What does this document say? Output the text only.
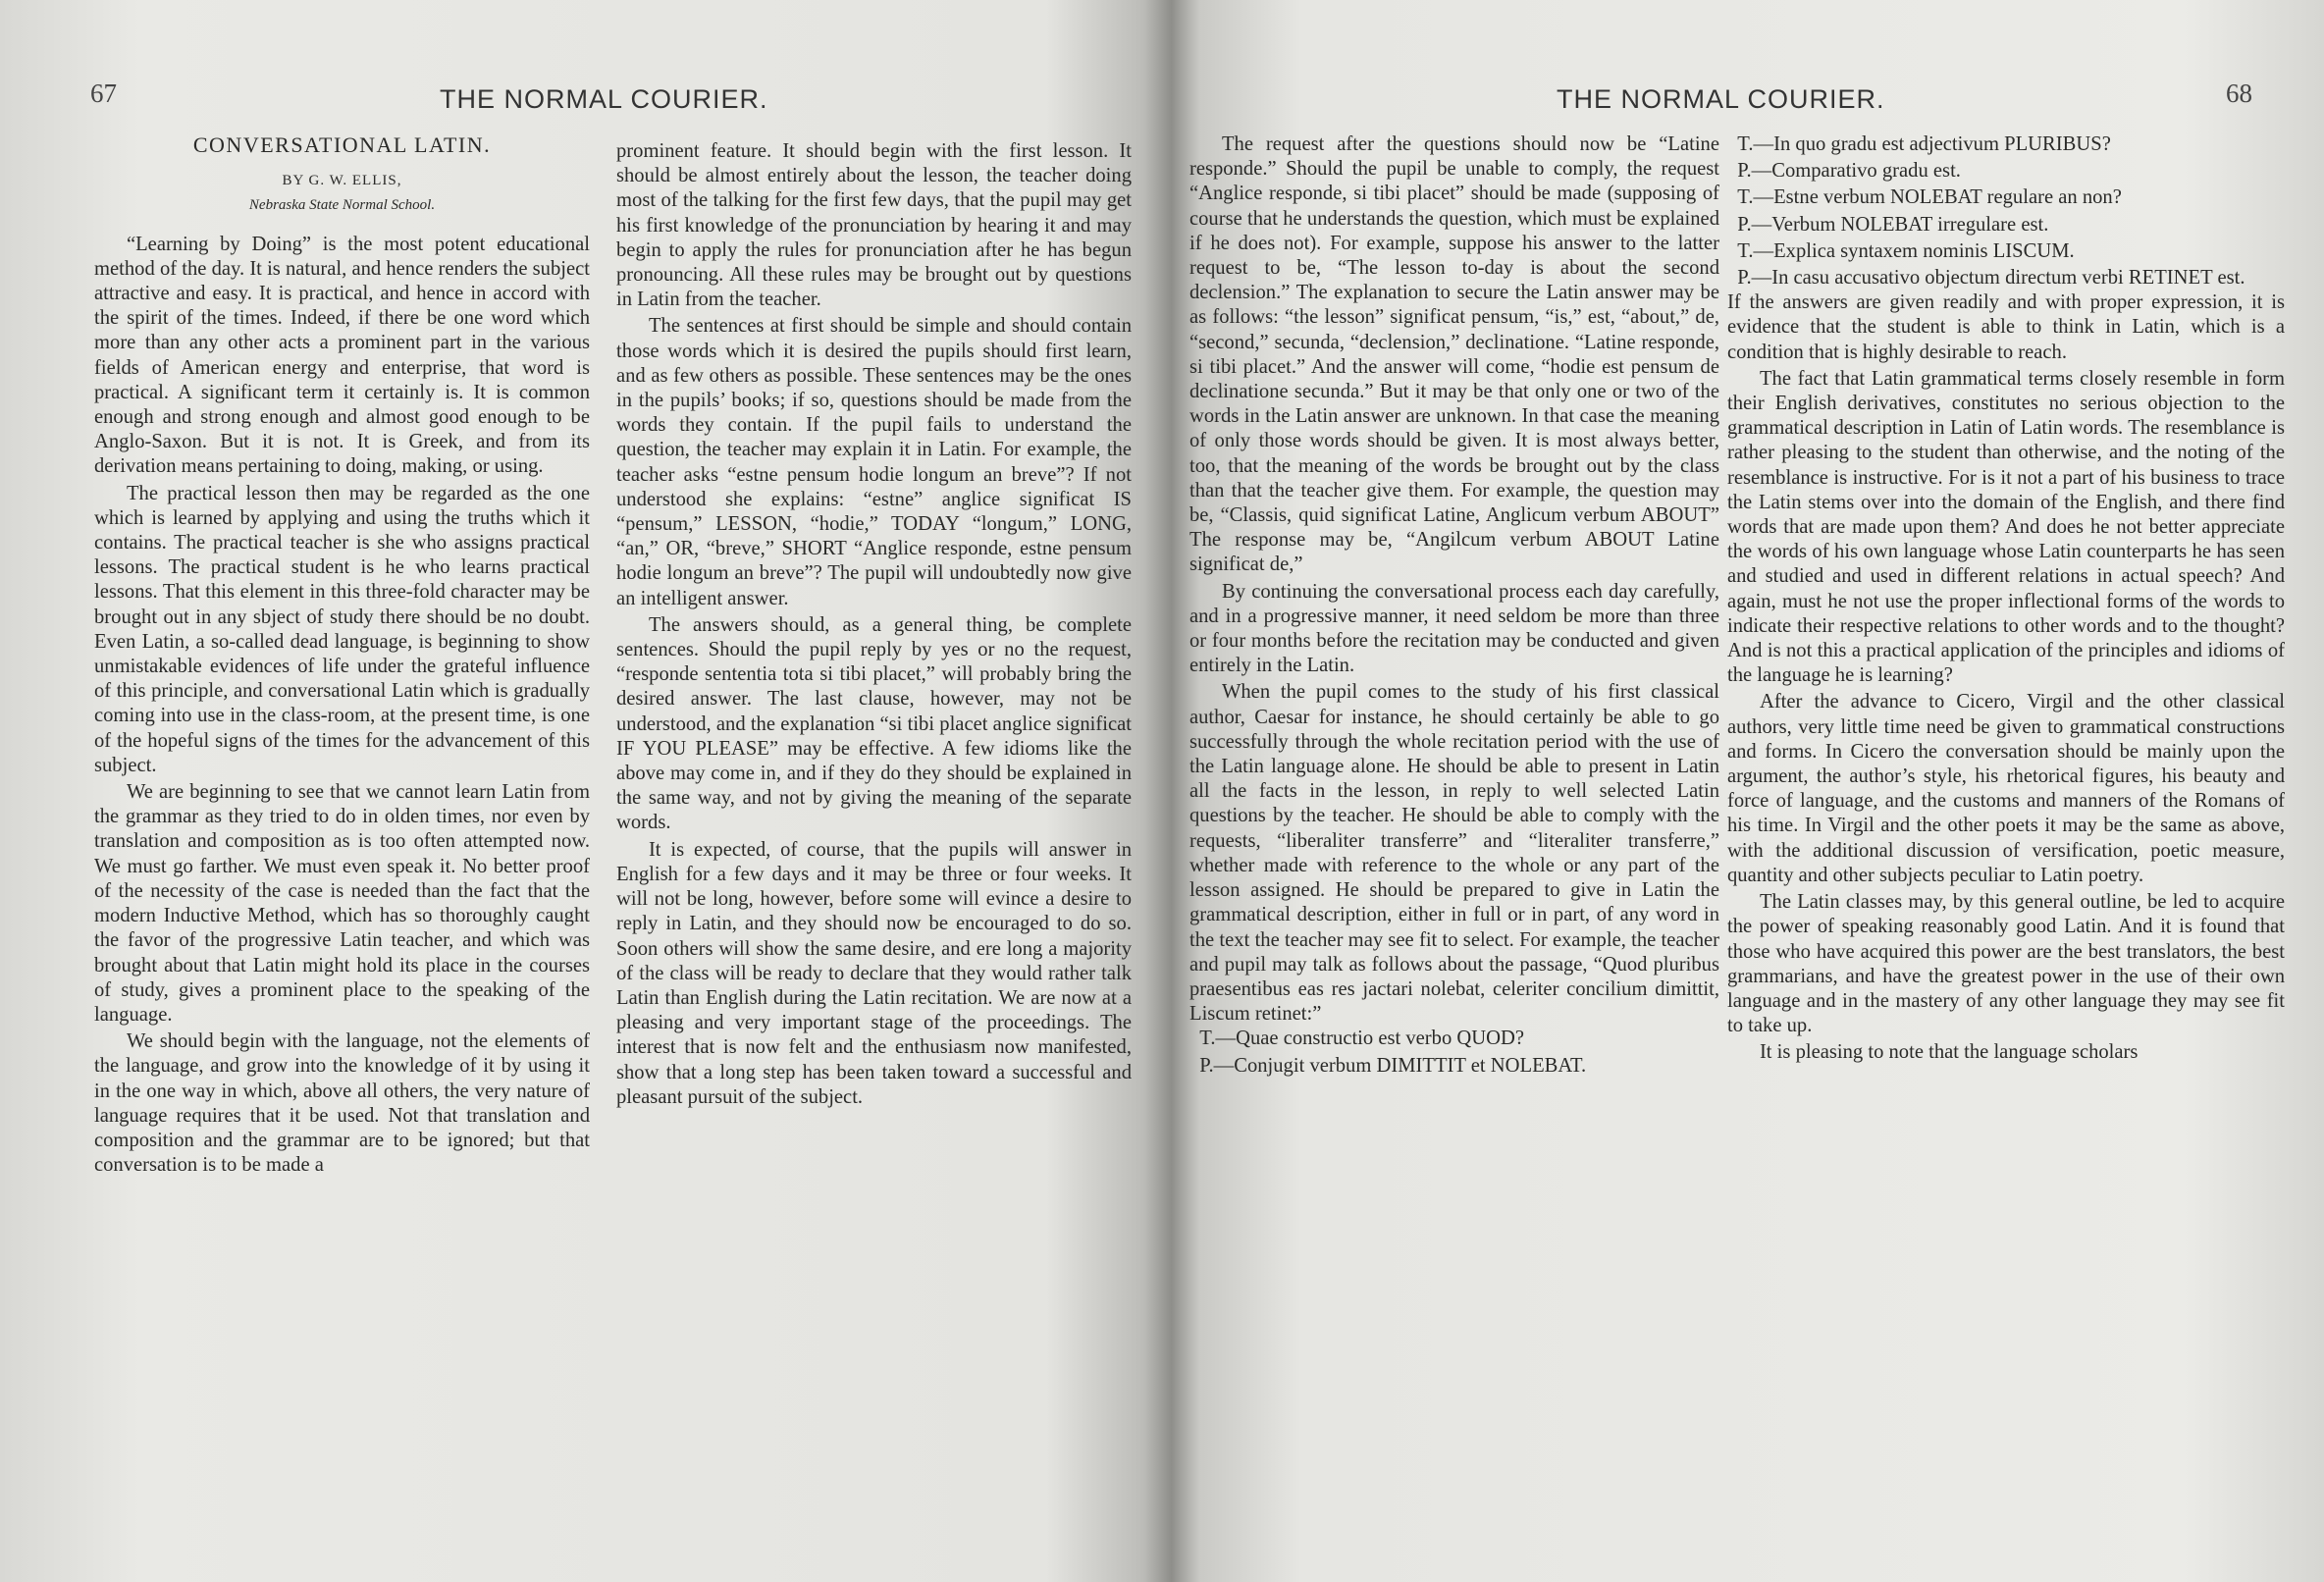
67	THE NORMAL COURIER.
CONVERSATIONAL LATIN.
BY G. W. ELLIS,
Nebraska State Normal School.

“Learning by Doing” is the most potent educational method of the day. It is natural, and hence renders the subject attractive and easy. It is practical, and hence in accord with the spirit of the times. Indeed, if there be one word which more than any other acts a prominent part in the various fields of American energy and enterprise, that word is practical. A significant term it certainly is. It is common enough and strong enough and almost good enough to be Anglo-Saxon. But it is not. It is Greek, and from its derivation means pertaining to doing, making, or using.

The practical lesson then may be regarded as the one which is learned by applying and using the truths which it contains. The practical teacher is she who assigns practical lessons. The practical student is he who learns practical lessons. That this element in this three-fold character may be brought out in any sbject of study there should be no doubt. Even Latin, a so-called dead language, is beginning to show unmistakable evidences of life under the grateful influence of this principle, and conversational Latin which is gradually coming into use in the class-room, at the present time, is one of the hopeful signs of the times for the advancement of this subject.

We are beginning to see that we cannot learn Latin from the grammar as they tried to do in olden times, nor even by translation and composition as is too often attempted now. We must go farther. We must even speak it. No better proof of the necessity of the case is needed than the fact that the modern Inductive Method, which has so thoroughly caught the favor of the progressive Latin teacher, and which was brought about that Latin might hold its place in the courses of study, gives a prominent place to the speaking of the language.

We should begin with the language, not the elements of the language, and grow into the knowledge of it by using it in the one way in which, above all others, the very nature of language requires that it be used. Not that translation and composition and the grammar are to be ignored; but that conversation is to be made a

prominent feature. It should begin with the first lesson. It should be almost entirely about the lesson, the teacher doing most of the talking for the first few days, that the pupil may get his first knowledge of the pronunciation by hearing it and may begin to apply the rules for pronunciation after he has begun pronouncing. All these rules may be brought out by questions in Latin from the teacher.

The sentences at first should be simple and should contain those words which it is desired the pupils should first learn, and as few others as possible. These sentences may be the ones in the pupils’ books; if so, questions should be made from the words they contain. If the pupil fails to understand the question, the teacher may explain it in Latin. For example, the teacher asks “estne pensum hodie longum an breve”? If not understood she explains: “estne” anglice significat IS “pensum,” LESSON, “hodie,” TODAY “longum,” LONG, “an,” OR, “breve,” SHORT “Anglice responde, estne pensum hodie longum an breve”? The pupil will undoubtedly now give an intelligent answer.

The answers should, as a general thing, be complete sentences. Should the pupil reply by yes or no the request, “responde sententia tota si tibi placet,” will probably bring the desired answer. The last clause, however, may not be understood, and the explanation “si tibi placet anglice significat IF YOU PLEASE” may be effective. A few idioms like the above may come in, and if they do they should be explained in the same way, and not by giving the meaning of the separate words.

It is expected, of course, that the pupils will answer in English for a few days and it may be three or four weeks. It will not be long, however, before some will evince a desire to reply in Latin, and they should now be encouraged to do so. Soon others will show the same desire, and ere long a majority of the class will be ready to declare that they would rather talk Latin than English during the Latin recitation. We are now at a pleasing and very important stage of the proceedings. The interest that is now felt and the enthusiasm now manifested, show that a long step has been taken toward a successful and pleasant pursuit of the subject.

THE NORMAL COURIER.	68

The request after the questions should now be “Latine responde.” Should the pupil be unable to comply, the request “Anglice responde, si tibi placet” should be made (supposing of course that he understands the question, which must be explained if he does not). For example, suppose his answer to the latter request to be, “The lesson to-day is about the second declension.” The explanation to secure the Latin answer may be as follows: “the lesson” significat pensum, “is,” est, “about,” de, “second,” secunda, “declension,” declinatione. “Latine responde, si tibi placet.” And the answer will come, “hodie est pensum de declinatione secunda.” But it may be that only one or two of the words in the Latin answer are unknown. In that case the meaning of only those words should be given. It is most always better, too, that the meaning of the words be brought out by the class than that the teacher give them. For example, the question may be, “Classis, quid significat Latine, Anglicum verbum ABOUT” The response may be, “Angilcum verbum ABOUT Latine significat de,”

By continuing the conversational process each day carefully, and in a progressive manner, it need seldom be more than three or four months before the recitation may be conducted and given entirely in the Latin.

When the pupil comes to the study of his first classical author, Caesar for instance, he should certainly be able to go successfully through the whole recitation period with the use of the Latin language alone. He should be able to present in Latin all the facts in the lesson, in reply to well selected Latin questions by the teacher. He should be able to comply with the requests, “liberaliter transferre” and “literaliter transferre,” whether made with reference to the whole or any part of the lesson assigned. He should be prepared to give in Latin the grammatical description, either in full or in part, of any word in the text the teacher may see fit to select. For example, the teacher and pupil may talk as follows about the passage, “Quod pluribus praesentibus eas res jactari nolebat, celeriter concilium dimittit, Liscum retinet:”

T.—Quae constructio est verbo QUOD?

P.—Conjugit verbum DIMITTIT et NOLEBAT.

T.—In quo gradu est adjectivum PLURIBUS?

P.—Comparativo gradu est.

T.—Estne verbum NOLEBAT regulare an non?

P.—Verbum NOLEBAT irregulare est.

T.—Explica syntaxem nominis LISCUM.

P.—In casu accusativo objectum directum verbi RETINET est.

If the answers are given readily and with proper expression, it is evidence that the student is able to think in Latin, which is a condition that is highly desirable to reach.

The fact that Latin grammatical terms closely resemble in form their English derivatives, constitutes no serious objection to the grammatical description in Latin of Latin words. The resemblance is rather pleasing to the student than otherwise, and the noting of the resemblance is instructive. For is it not a part of his business to trace the Latin stems over into the domain of the English, and there find words that are made upon them? And does he not better appreciate the words of his own language whose Latin counterparts he has seen and studied and used in different relations in actual speech? And again, must he not use the proper inflectional forms of the words to indicate their respective relations to other words and to the thought? And is not this a practical application of the principles and idioms of the language he is learning?

After the advance to Cicero, Virgil and the other classical authors, very little time need be given to grammatical constructions and forms. In Cicero the conversation should be mainly upon the argument, the author’s style, his rhetorical figures, his beauty and force of language, and the customs and manners of the Romans of his time. In Virgil and the other poets it may be the same as above, with the additional discussion of versification, poetic measure, quantity and other subjects peculiar to Latin poetry.

The Latin classes may, by this general outline, be led to acquire the power of speaking reasonably good Latin. And it is found that those who have acquired this power are the best translators, the best grammarians, and have the greatest power in the use of their own language and in the mastery of any other language they may see fit to take up.

It is pleasing to note that the language scholars
